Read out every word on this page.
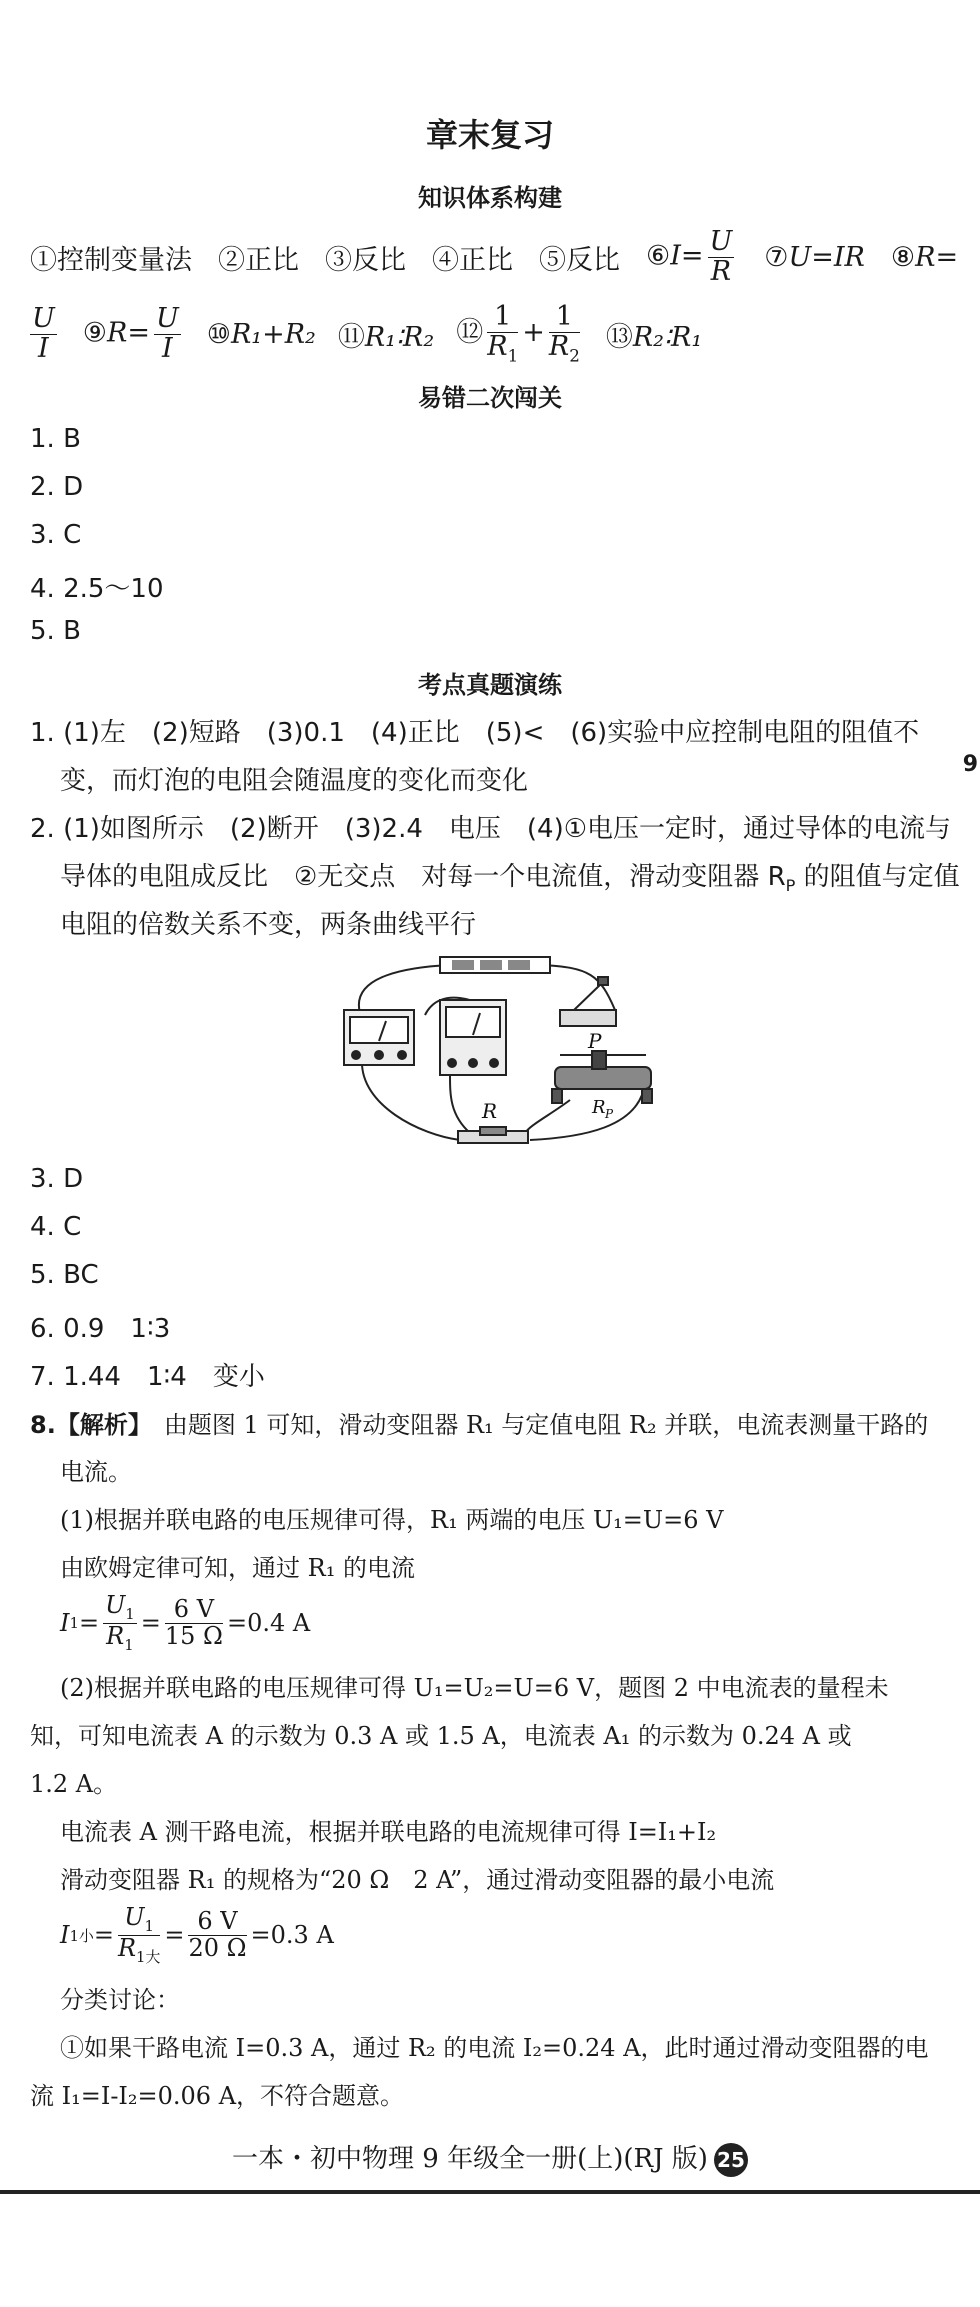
章末复习
知识体系构建
①控制变量法 ②正比 ③反比 ④正比 ⑤反比 ⑥I= $\frac{U}{R}$ ⑦U=IR ⑧R=
$\frac{U}{I}$ ⑨R= $\frac{U}{I}$ ⑩R₁+R₂ ⑪R₁∶R₂ ⑫ $\frac{1}{R_1} + \frac{1}{R_2}$ ⑬R₂∶R₁
易错二次闯关
1. B
2. D
3. C
4. 2.5～10
5. B
考点真题演练
1. (1)左　(2)短路　(3)0.1　(4)正比　(5)<　(6)实验中应控制电阻的阻值不
变，而灯泡的电阻会随温度的变化而变化
2. (1)如图所示　(2)断开　(3)2.4　电压　(4)①电压一定时，通过导体的电流与
导体的电阻成反比　②无交点　对每一个电流值，滑动变阻器 $R_P$ 的阻值与定值
电阻的倍数关系不变，两条曲线平行
P
R	R P
3. D
4. C
5. BC
6. 0.9　1∶3
7. 1.44　1∶4　变小
8.【解析】　 由题图 1 可知，滑动变阻器 R₁ 与定值电阻 R₂ 并联，电流表测量干路的
电流。
(1)根据并联电路的电压规律可得，R₁ 两端的电压 U₁=U=6 V
由欧姆定律可知，通过 R₁ 的电流
I $1 = \frac{U_1}{R_1} = \frac{6 V}{15 \Omega} =0.4$ A
(2)根据并联电路的电压规律可得 U₁=U₂=U=6 V，题图 2 中电流表的量程未
知，可知电流表 A 的示数为 0.3 A 或 1.5 A，电流表 A₁ 的示数为 0.24 A 或
1.2 A。
电流表 A 测干路电流，根据并联电路的电流规律可得 I=I₁+I₂
滑动变阻器 R₁ 的规格为“20 Ω　2 A”，通过滑动变阻器的最小电流
I 1小 = $\frac{U_1}{R_{1大}} = \frac{6 V}{20 \Omega} =0.3$ A
分类讨论：
①如果干路电流 I=0.3 A，通过 R₂ 的电流 I₂=0.24 A，此时通过滑动变阻器的电
流 I₁=I-I₂=0.06 A，不符合题意。
一本・初中物理 9 年级全一册(上)(RJ 版) 25
9
